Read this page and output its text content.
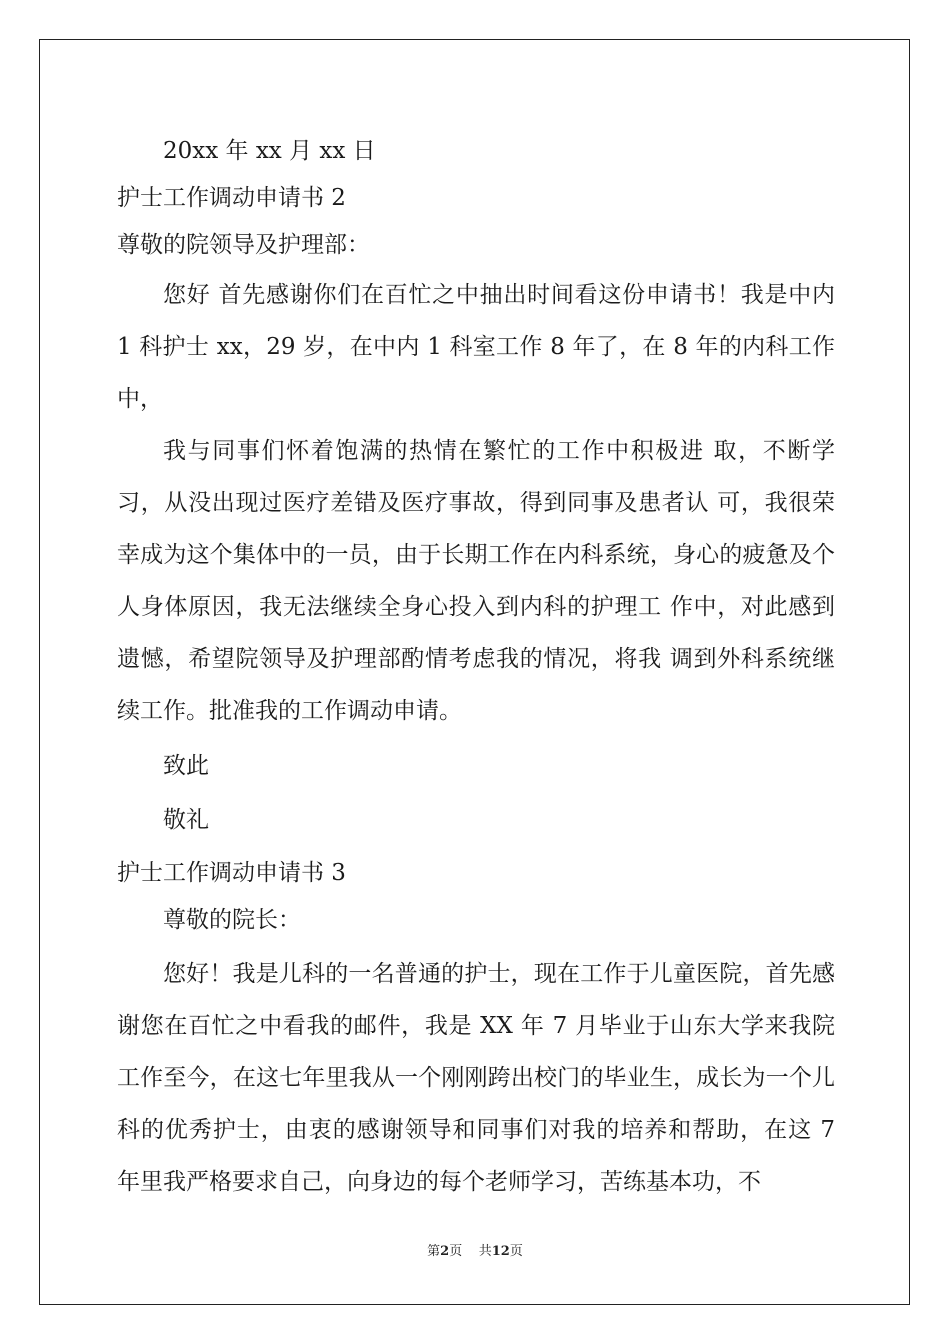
20xx 年 xx 月 xx 日
护士工作调动申请书 2
尊敬的院领导及护理部：

您好 首先感谢你们在百忙之中抽出时间看这份申请书！我是中内 1 科护士 xx，29 岁，在中内 1 科室工作 8 年了，在 8 年的内科工作中，

我与同事们怀着饱满的热情在繁忙的工作中积极进 取，不断学习，从没出现过医疗差错及医疗事故，得到同事及患者认 可，我很荣幸成为这个集体中的一员，由于长期工作在内科系统，身心的疲惫及个人身体原因，我无法继续全身心投入到内科的护理工 作中，对此感到遗憾，希望院领导及护理部酌情考虑我的情况，将我 调到外科系统继续工作。批准我的工作调动申请。

致此
敬礼
护士工作调动申请书 3
尊敬的院长：

您好！我是儿科的一名普通的护士，现在工作于儿童医院，首先感谢您在百忙之中看我的邮件，我是 XX 年 7 月毕业于山东大学来我院工作至今，在这七年里我从一个刚刚跨出校门的毕业生，成长为一个儿科的优秀护士，由衷的感谢领导和同事们对我的培养和帮助，在这 7 年里我严格要求自己，向身边的每个老师学习，苦练基本功，不

第2页 共12页
